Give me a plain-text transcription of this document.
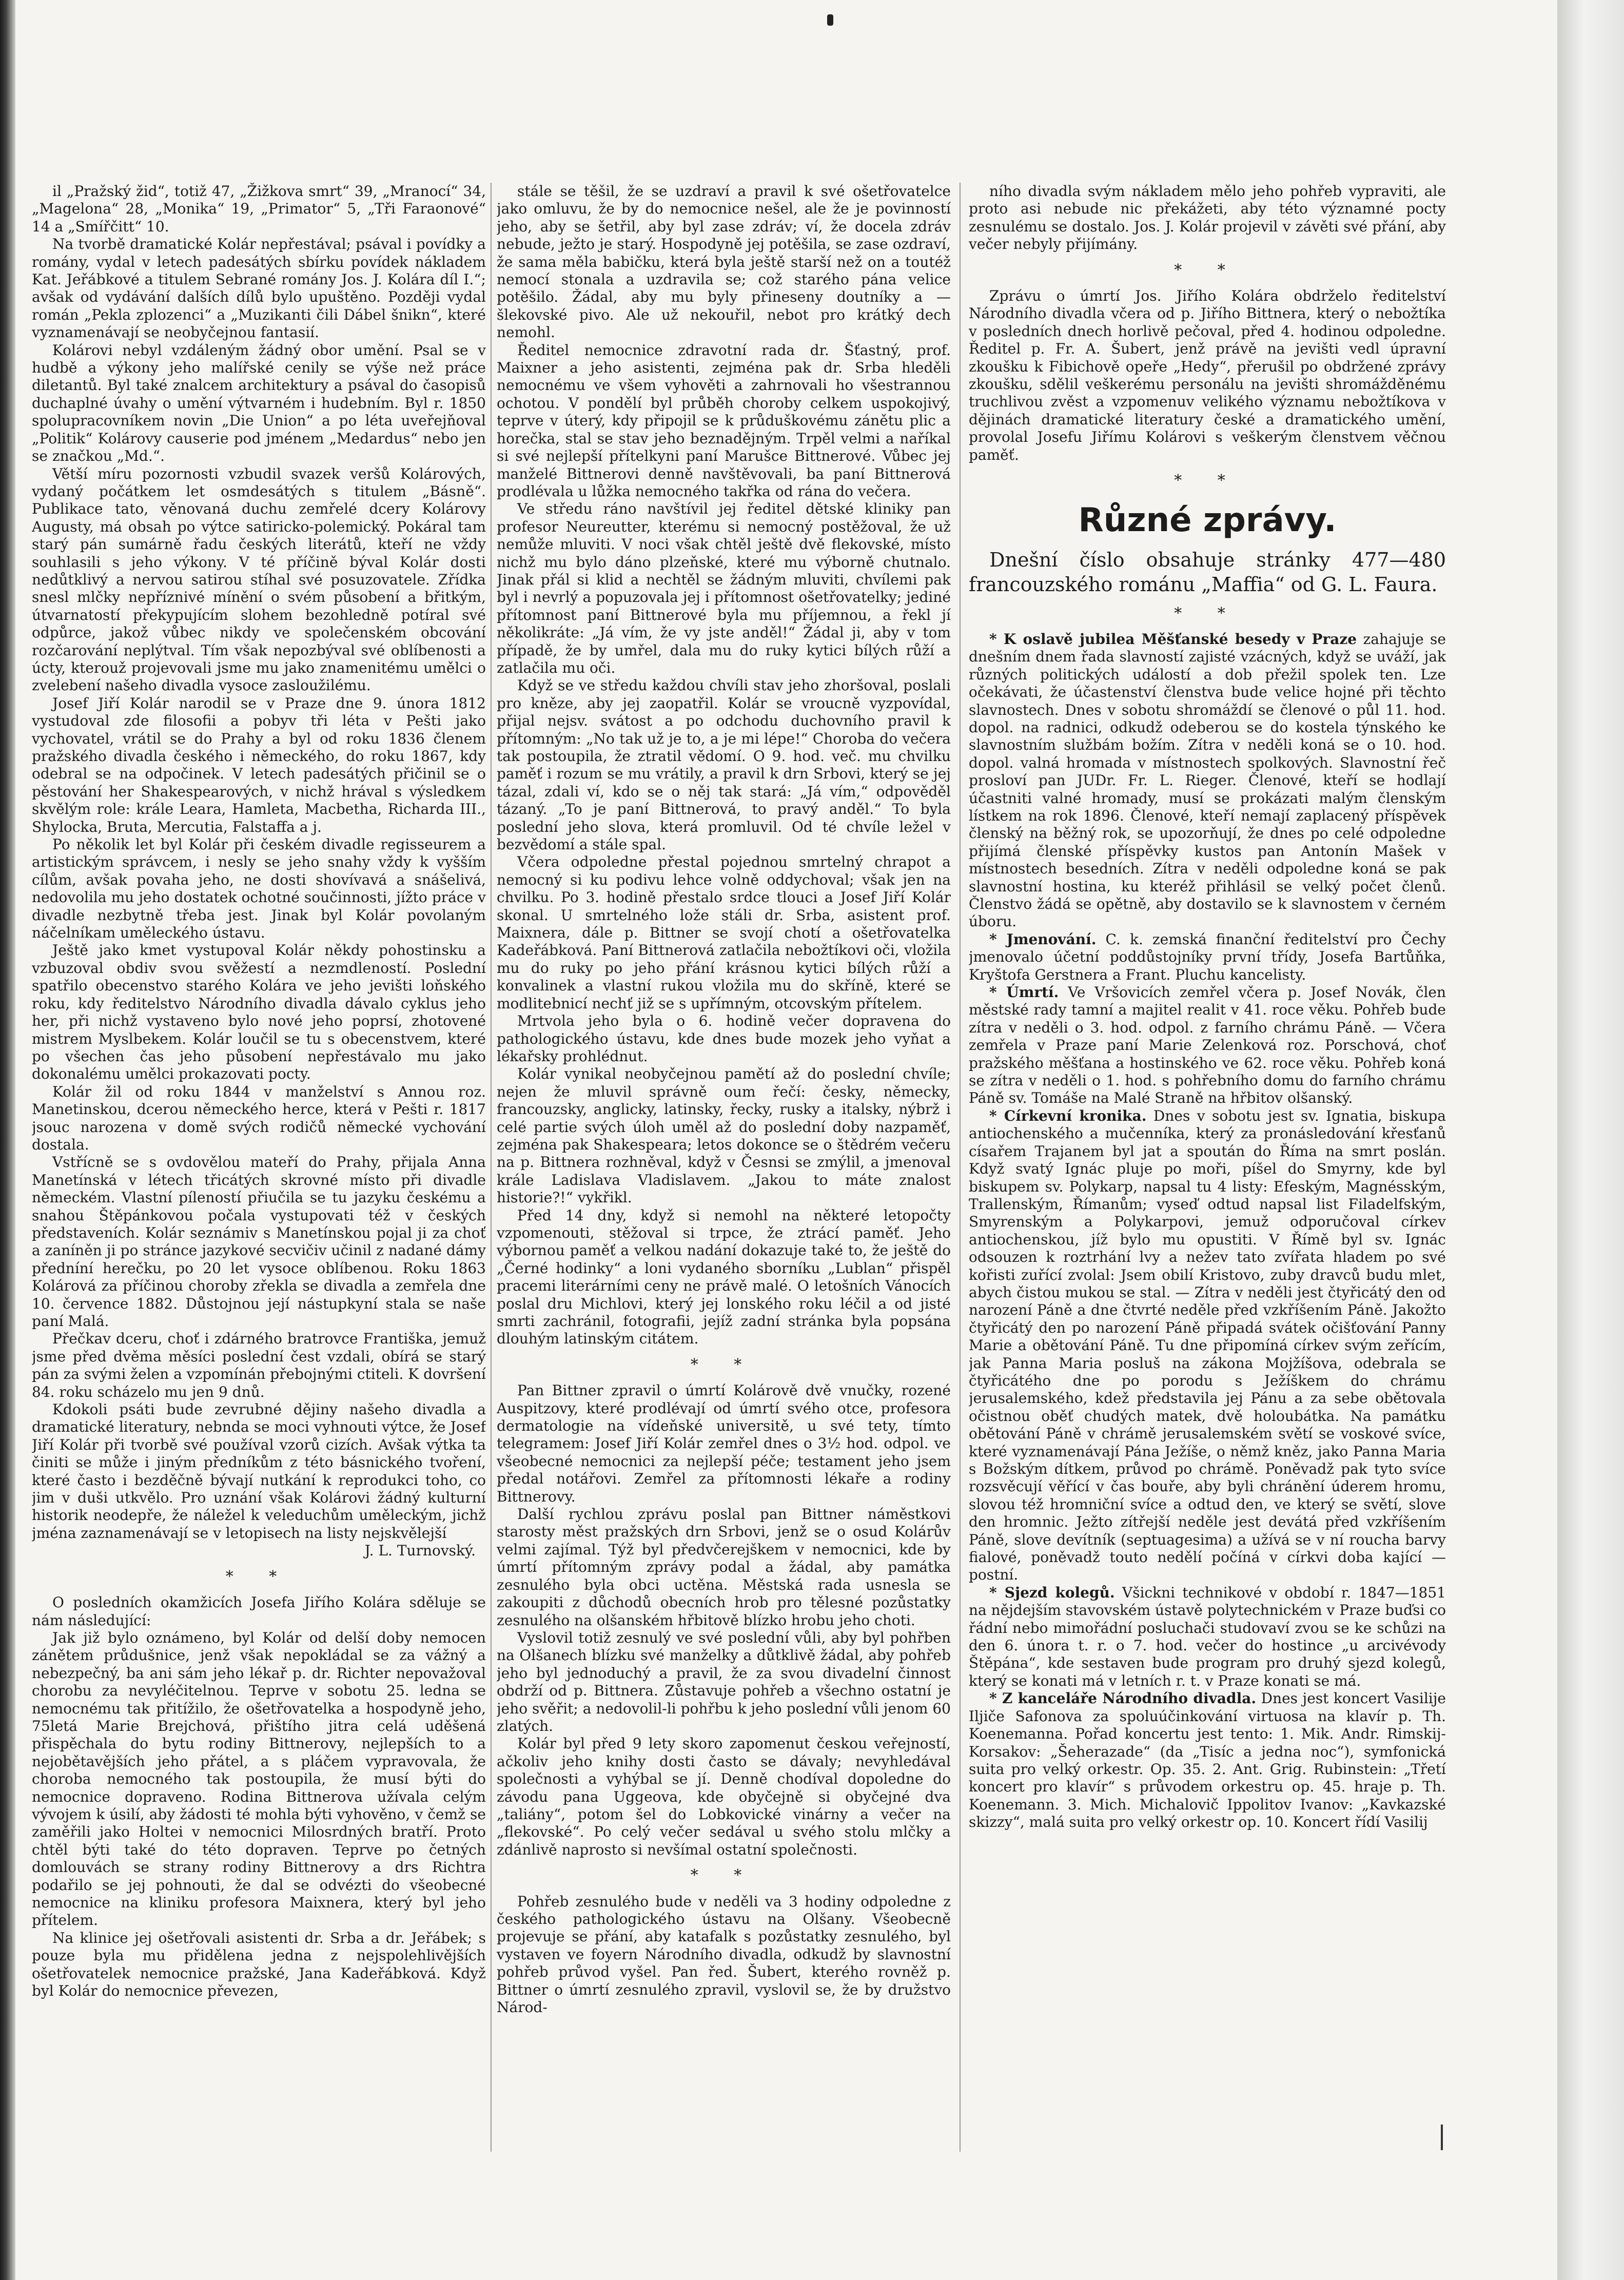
il „Pražský žid“, totiž 47, „Žižkova smrt“ 39, „Mranocí“ 34, „Magelona“ 28, „Monika“ 19, „Primator“ 5, „Tři Faraonové“ 14 a „Smířčitt“ 10.

Na tvorbě dramatické Kolár nepřestával; psával i povídky a romány, vydal v letech padesátých sbírku povídek nákladem Kat. Jeřábkové a titulem Sebrané romány Jos. J. Kolára díl I.“; avšak od vydávání dalších dílů bylo upuštěno. Později vydal román „Pekla zplozenci“ a „Muzikanti čili Dábel šnikn“, které vyznamenávají se neobyčejnou fantasií.

Kolárovi nebyl vzdáleným žádný obor umění. Psal se v hudbě a výkony jeho malířské cenily se výše než práce diletantů. Byl také znalcem architektury a psával do časopisů duchaplné úvahy o umění výtvarném i hudebním. Byl r. 1850 spolupracovníkem novin „Die Union“ a po léta uveřejňoval „Politik“ Kolárovy causerie pod jménem „Medardus“ nebo jen se značkou „Md.“.

Větší míru pozornosti vzbudil svazek veršů Kolárových, vydaný počátkem let osmdesátých s titulem „Básně“. Publikace tato, věnovaná duchu zemřelé dcery Kolárovy Augusty, má obsah po výtce satiricko-polemický. Pokáral tam starý pán sumárně řadu českých literátů, kteří ne vždy souhlasili s jeho výkony. V té příčině býval Kolár dosti nedůtklivý a nervou satirou stíhal své posuzovatele. Zřídka snesl mlčky nepříznivé mínění o svém působení a břitkým, útvarnatostí překypujícím slohem bezohledně potíral své odpůrce, jakož vůbec nikdy ve společenském obcování rozčarování neplýtval. Tím však nepozbýval své oblíbenosti a úcty, kterouž projevovali jsme mu jako znamenitému umělci o zvelebení našeho divadla vysoce zasloužilému.

Josef Jiří Kolár narodil se v Praze dne 9. února 1812 vystudoval zde filosofii a pobyv tři léta v Pešti jako vychovatel, vrátil se do Prahy a byl od roku 1836 členem pražského divadla českého i německého, do roku 1867, kdy odebral se na odpočinek. V letech padesátých přičinil se o pěstování her Shakespearových, v nichž hrával s výsledkem skvělým role: krále Leara, Hamleta, Macbetha, Richarda III., Shylocka, Bruta, Mercutia, Falstaffa a j.

Po několik let byl Kolár při českém divadle regisseurem a artistickým správcem, i nesly se jeho snahy vždy k vyšším cílům, avšak povaha jeho, ne dosti shovívavá a snášelivá, nedovolila mu jeho dostatek ochotné součinnosti, jížto práce v divadle nezbytně třeba jest. Jinak byl Kolár povolaným náčelníkam uměleckého ústavu.

Ještě jako kmet vystupoval Kolár někdy pohostinsku a vzbuzoval obdiv svou svěžestí a nezmdleností. Poslední spatřilo obecenstvo starého Kolára ve jeho jevišti loňského roku, kdy ředitelstvo Národního divadla dávalo cyklus jeho her, při nichž vystaveno bylo nové jeho poprsí, zhotovené mistrem Myslbekem. Kolár loučil se tu s obecenstvem, které po všechen čas jeho působení nepřestávalo mu jako dokonalému umělci prokazovati pocty.

Kolár žil od roku 1844 v manželství s Annou roz. Manetinskou, dcerou německého herce, která v Pešti r. 1817 jsouc narozena v domě svých rodičů německé vychování dostala.

Vstřícně se s ovdovělou mateří do Prahy, přijala Anna Manetínská v létech třicátých skrovné místo při divadle německém. Vlastní píleností přiučila se tu jazyku českému a snahou Štěpánkovou počala vystupovati též v českých představeních. Kolár seznámiv s Manetínskou pojal ji za choť a zaníněn ji po stránce jazykové secvičiv učinil z nadané dámy předníní herečku, po 20 let vysoce oblíbenou. Roku 1863 Kolárová za příčinou choroby zřekla se divadla a zemřela dne 10. července 1882. Důstojnou její nástupkyní stala se naše paní Malá.

Přečkav dceru, choť i zdárného bratrovce Františka, jemuž jsme před dvěma měsíci poslední čest vzdali, obírá se starý pán za svými želen a vzpomínán přebojnými ctiteli. K dovršení 84. roku scházelo mu jen 9 dnů.

Kdokoli psáti bude zevrubné dějiny našeho divadla a dramatické literatury, nebnda se moci vyhnouti výtce, že Josef Jiří Kolár při tvorbě své používal vzorů cizích. Avšak výtka ta činiti se může i jiným předníkům z této básnického tvoření, které často i bezděčně bývají nutkání k reprodukci toho, co jim v duši utkvělo. Pro uznání však Kolárovi žádný kulturní historik neodepře, že náležel k veleduchům uměleckým, jichž jména zaznamenávají se v letopisech na listy nejskvělejší

J. L. Turnovský.

* *

O posledních okamžicích Josefa Jiřího Kolára sděluje se nám následující:

Jak již bylo oznámeno, byl Kolár od delší doby nemocen zánětem průdušnice, jenž však nepokládal se za vážný a nebezpečný, ba ani sám jeho lékař p. dr. Richter nepovažoval chorobu za nevyléčitelnou. Teprve v sobotu 25. ledna se nemocnému tak přitížilo, že ošetřovatelka a hospodyně jeho, 75letá Marie Brejchová, přištího jitra celá uděšená přispěchala do bytu rodiny Bittnerovy, nejlepších to a nejobětavějších jeho přátel, a s pláčem vypravovala, že choroba nemocného tak postoupila, že musí býti do nemocnice dopraveno. Rodina Bittnerova užívala celým vývojem k úsilí, aby žádosti té mohla býti vyhověno, v čemž se zaměřili jako Holtei v nemocnici Milosrdných bratří. Proto chtěl býti také do této dopraven. Teprve po četných domlouvách se strany rodiny Bittnerovy a drs Richtra podařilo se jej pohnouti, že dal se odvézti do všeobecné nemocnice na kliniku profesora Maixnera, který byl jeho přítelem.

Na klinice jej ošetřovali asistenti dr. Srba a dr. Jeřábek; s pouze byla mu přidělena jedna z nejspolehlivějších ošetřovatelek nemocnice pražské, Jana Kadeřábková. Když byl Kolár do nemocnice převezen,

stále se těšil, že se uzdraví a pravil k své ošetřovatelce jako omluvu, že by do nemocnice nešel, ale že je povinností jeho, aby se šetřil, aby byl zase zdráv; ví, že docela zdráv nebude, ježto je starý. Hospodyně jej potěšila, se zase ozdraví, že sama měla babičku, která byla ještě starší než on a toutéž nemocí stonala a uzdravila se; což starého pána velice potěšilo. Žádal, aby mu byly přineseny doutníky a — šlekovské pivo. Ale už nekouřil, nebot pro krátký dech nemohl.

Ředitel nemocnice zdravotní rada dr. Šťastný, prof. Maixner a jeho asistenti, zejména pak dr. Srba hleděli nemocnému ve všem vyhověti a zahrnovali ho všestrannou ochotou. V pondělí byl průběh choroby celkem uspokojivý, teprve v úterý, kdy připojil se k průduškovému zánětu plic a horečka, stal se stav jeho beznadějným. Trpěl velmi a naříkal si své nejlepší přítelkyni paní Marušce Bittnerové. Vůbec jej manželé Bittnerovi denně navštěvovali, ba paní Bittnerová prodlévala u lůžka nemocného takřka od rána do večera.

Ve středu ráno navštívil jej ředitel dětské kliniky pan profesor Neureutter, kterému si nemocný postěžoval, že už nemůže mluviti. V noci však chtěl ještě dvě flekovské, místo nichž mu bylo dáno plzeňské, které mu výborně chutnalo. Jinak přál si klid a nechtěl se žádným mluviti, chvílemi pak byl i nevrlý a popuzovala jej i přítomnost ošetřovatelky; jediné přítomnost paní Bittnerové byla mu příjemnou, a řekl jí několikráte: „Já vím, že vy jste anděl!“ Žádal ji, aby v tom případě, že by umřel, dala mu do ruky kytici bílých růží a zatlačila mu oči.

Když se ve středu každou chvíli stav jeho zhoršoval, poslali pro kněze, aby jej zaopatřil. Kolár se vroucně vyzpovídal, přijal nejsv. svátost a po odchodu duchovního pravil k přítomným: „No tak už je to, a je mi lépe!“ Choroba do večera tak postoupila, že ztratil vědomí. O 9. hod. več. mu chvilku paměť i rozum se mu vrátily, a pravil k drn Srbovi, který se jej tázal, zdali ví, kdo se o něj tak stará: „Já vím,“ odpověděl tázaný. „To je paní Bittnerová, to pravý anděl.“ To byla poslední jeho slova, která promluvil. Od té chvíle ležel v bezvědomí a stále spal.

Včera odpoledne přestal pojednou smrtelný chrapot a nemocný si ku podivu lehce volně oddychoval; však jen na chvilku. Po 3. hodině přestalo srdce tlouci a Josef Jiří Kolár skonal. U smrtelného lože stáli dr. Srba, asistent prof. Maixnera, dále p. Bittner se svojí chotí a ošetřovatelka Kadeřábková. Paní Bittnerová zatlačila nebožtíkovi oči, vložila mu do ruky po jeho přání krásnou kytici bílých růží a konvalinek a vlastní rukou vložila mu do skříně, které se modlitebnicí nechť již se s upřímným, otcovským přítelem.

Mrtvola jeho byla o 6. hodině večer dopravena do pathologického ústavu, kde dnes bude mozek jeho vyňat a lékařsky prohlédnut.

Kolár vynikal neobyčejnou pamětí až do poslední chvíle; nejen že mluvil správně oum řečí: česky, německy, francouzsky, anglicky, latinsky, řecky, rusky a italsky, nýbrž i celé partie svých úloh uměl až do poslední doby nazpaměť, zejména pak Shakespeara; letos dokonce se o štědrém večeru na p. Bittnera rozhněval, když v Česnsi se zmýlil, a jmenoval krále Ladislava Vladislavem. „Jakou to máte znalost historie?!“ vykřikl.

Před 14 dny, když si nemohl na některé letopočty vzpomenouti, stěžoval si trpce, že ztrácí paměť. Jeho výbornou paměť a velkou nadání dokazuje také to, že ještě do „Černé hodinky“ a loni vydaného sborníku „Lublan“ přispěl pracemi literárními ceny ne právě malé. O letošních Vánocích poslal dru Michlovi, který jej lonského roku léčil a od jisté smrti zachránil, fotografii, jejíž zadní stránka byla popsána dlouhým latinským citátem.

* *

Pan Bittner zpravil o úmrtí Kolárově dvě vnučky, rozené Auspitzovy, které prodlévají od úmrtí svého otce, profesora dermatologie na vídeňské universitě, u své tety, tímto telegramem: Josef Jiří Kolár zemřel dnes o 3½ hod. odpol. ve všeobecné nemocnici za nejlepší péče; testament jeho jsem předal notářovi. Zemřel za přítomnosti lékaře a rodiny Bittnerovy.

Další rychlou zprávu poslal pan Bittner náměstkovi starosty měst pražských drn Srbovi, jenž se o osud Kolárův velmi zajímal. Týž byl předvčerejškem v nemocnici, kde by úmrtí přítomným zprávy podal a žádal, aby památka zesnulého byla obci uctěna. Městská rada usnesla se zakoupiti z důchodů obecních hrob pro tělesné pozůstatky zesnulého na olšanském hřbitově blízko hrobu jeho choti.

Vyslovil totiž zesnulý ve své poslední vůli, aby byl pohřben na Olšanech blízku své manželky a důtklivě žádal, aby pohřeb jeho byl jednoduchý a pravil, že za svou divadelní činnost obdrží od p. Bittnera. Zůstavuje pohřeb a všechno ostatní je jeho svěřit; a nedovolil-li pohřbu k jeho poslední vůli jenom 60 zlatých.

Kolár byl před 9 lety skoro zapomenut českou veřejností, ačkoliv jeho knihy dosti často se dávaly; nevyhledával společnosti a vyhýbal se jí. Denně chodíval dopoledne do závodu pana Uggeova, kde obyčejně si obyčejné dva „taliány“, potom šel do Lobkovické vinárny a večer na „flekovské“. Po celý večer sedával u svého stolu mlčky a zdánlivě naprosto si nevšímal ostatní společnosti.

* *

Pohřeb zesnulého bude v neděli va 3 hodiny odpoledne z českého pathologického ústavu na Olšany. Všeobecně projevuje se přání, aby katafalk s pozůstatky zesnulého, byl vystaven ve foyern Národního divadla, odkudž by slavnostní pohřeb průvod vyšel. Pan řed. Šubert, kterého rovněž p. Bittner o úmrtí zesnulého zpravil, vyslovil se, že by družstvo Národ-

ního divadla svým nákladem mělo jeho pohřeb vypraviti, ale proto asi nebude nic překážeti, aby této významné pocty zesnulému se dostalo. Jos. J. Kolár projevil v závěti své přání, aby večer nebyly přijímány.

* *

Zprávu o úmrtí Jos. Jiřího Kolára obdrželo ředitelství Národního divadla včera od p. Jiřího Bittnera, který o nebožtíka v posledních dnech horlivě pečoval, před 4. hodinou odpoledne. Ředitel p. Fr. A. Šubert, jenž právě na jevišti vedl úpravní zkoušku k Fibichově opeře „Hedy“, přerušil po obdržené zprávy zkoušku, sdělil veškerému personálu na jevišti shromážděnému truchlivou zvěst a vzpomenuv velikého významu nebožtíkova v dějinách dramatické literatury české a dramatického umění, provolal Josefu Jiřímu Kolárovi s veškerým členstvem věčnou paměť.

* *
Různé zprávy.

Dnešní číslo obsahuje stránky 477—480 francouzského románu „Maffia“ od G. L. Faura.

* *

* K oslavě jubilea Měšťanské besedy v Praze zahajuje se dnešním dnem řada slavností zajisté vzácných, když se uváží, jak různých politických událostí a dob přežil spolek ten. Lze očekávati, že účastenství členstva bude velice hojné při těchto slavnostech. Dnes v sobotu shromáždí se členové o půl 11. hod. dopol. na radnici, odkudž odeberou se do kostela týnského ke slavnostním službám božím. Zítra v neděli koná se o 10. hod. dopol. valná hromada v místnostech spolkových. Slavnostní řeč prosloví pan JUDr. Fr. L. Rieger. Členové, kteří se hodlají účastniti valné hromady, musí se prokázati malým členským lístkem na rok 1896. Členové, kteří nemají zaplacený příspěvek členský na běžný rok, se upozorňují, že dnes po celé odpoledne přijímá členské příspěvky kustos pan Antonín Mašek v místnostech besedních. Zítra v neděli odpoledne koná se pak slavnostní hostina, ku kteréž přihlásil se velký počet členů. Členstvo žádá se opětně, aby dostavilo se k slavnostem v černém úboru.

* Jmenování. C. k. zemská finanční ředitelství pro Čechy jmenovalo účetní poddůstojníky první třídy, Josefa Bartůňka, Kryštofa Gerstnera a Frant. Pluchu kancelisty.

* Úmrtí. Ve Vršovicích zemřel včera p. Josef Novák, člen městské rady tamní a majitel realit v 41. roce věku. Pohřeb bude zítra v neděli o 3. hod. odpol. z farního chrámu Páně. — Včera zemřela v Praze paní Marie Zelenková roz. Porschová, choť pražského měšťana a hostinského ve 62. roce věku. Pohřeb koná se zítra v neděli o 1. hod. s pohřebního domu do farního chrámu Páně sv. Tomáše na Malé Straně na hřbitov olšanský.

* Církevní kronika. Dnes v sobotu jest sv. Ignatia, biskupa antiochenského a mučenníka, který za pronásledování křesťanů císařem Trajanem byl jat a spoután do Říma na smrt poslán. Když svatý Ignác pluje po moři, píšel do Smyrny, kde byl biskupem sv. Polykarp, napsal tu 4 listy: Efeským, Magnésským, Trallenským, Římanům; vyseď odtud napsal list Filadelfským, Smyrenským a Polykarpovi, jemuž odporučoval církev antiochenskou, jíž bylo mu opustiti. V Římě byl sv. Ignác odsouzen k roztrhání lvy a nežev tato zvířata hladem po své kořisti zuřící zvolal: Jsem obilí Kristovo, zuby dravců budu mlet, abych čistou mukou se stal. — Zítra v neděli jest čtyřicátý den od narození Páně a dne čtvrté neděle před vzkříšením Páně. Jakožto čtyřicátý den po narození Páně připadá svátek očišťování Panny Marie a obětování Páně. Tu dne připomíná církev svým zeřícím, jak Panna Maria posluš na zákona Mojžíšova, odebrala se čtyřicátého dne po porodu s Ježíškem do chrámu jerusalemského, kdež představila jej Pánu a za sebe obětovala očistnou oběť chudých matek, dvě holoubátka. Na památku obětování Páně v chrámě jerusalemském světí se voskové svíce, které vyznamenávají Pána Ježíše, o němž kněz, jako Panna Maria s Božským dítkem, průvod po chrámě. Poněvadž pak tyto svíce rozsvěcují věřící v čas bouře, aby byli chránění úderem hromu, slovou též hromniční svíce a odtud den, ve který se světí, slove den hromnic. Ježto zítřejší neděle jest devátá před vzkříšením Páně, slove devítník (septuagesima) a užívá se v ní roucha barvy fialové, poněvadž touto nedělí počíná v církvi doba kající — postní.

* Sjezd kolegů. Všickni technikové v období r. 1847—1851 na nějdejším stavovském ústavě polytechnickém v Praze buďsi co řádní nebo mimořádní posluchači studovaví zvou se ke schůzi na den 6. února t. r. o 7. hod. večer do hostince „u arcivévody Štěpána“, kde sestaven bude program pro druhý sjezd kolegů, který se konati má v letních r. t. v Praze konati se má.

* Z kanceláře Národního divadla. Dnes jest koncert Vasilije Iljiče Safonova za spoluúčinkování virtuosa na klavír p. Th. Koenemanna. Pořad koncertu jest tento: 1. Mik. Andr. Rimskij-Korsakov: „Šeherazade“ (da „Tisíc a jedna noc“), symfonická suita pro velký orkestr. Op. 35. 2. Ant. Grig. Rubinstein: „Třetí koncert pro klavír“ s průvodem orkestru op. 45. hraje p. Th. Koenemann. 3. Mich. Michalovič Ippolitov Ivanov: „Kavkazské skizzy“, malá suita pro velký orkestr op. 10. Koncert řídí Vasilij
